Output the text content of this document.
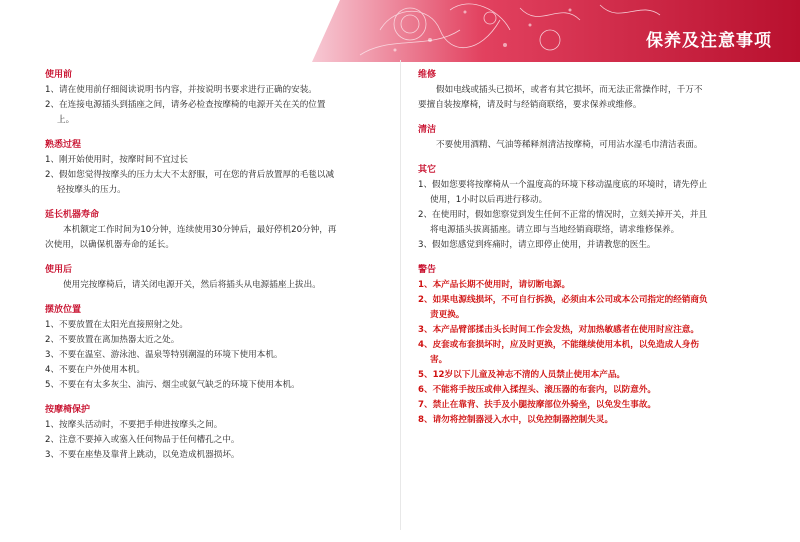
保养及注意事项
使用前
1、请在使用前仔细阅读说明书内容，并按说明书要求进行正确的安装。
2、在连接电源插头到插座之间，请务必检查按摩椅的电源开关在关的位置
上。
熟悉过程
1、刚开始使用时，按摩时间不宜过长
2、假如您觉得按摩头的压力太大不太舒服，可在您的背后放置厚的毛毯以减
轻按摩头的压力。
延长机器寿命
本机额定工作时间为10分钟，连续使用30分钟后，最好停机20分钟，再
次使用，以确保机器寿命的延长。
使用后
使用完按摩椅后，请关闭电源开关，然后将插头从电源插座上拔出。
摆放位置
1、不要放置在太阳光直接照射之处。
2、不要放置在离加热器太近之处。
3、不要在温室、游泳池、温泉等特别潮湿的环境下使用本机。
4、不要在户外使用本机。
5、不要在有太多灰尘、油污、烟尘或氨气缺乏的环境下使用本机。
按摩椅保护
1、按摩头活动时，不要把手伸进按摩头之间。
2、注意不要掉入或塞入任何物品于任何槽孔之中。
3、不要在座垫及靠背上跳动，以免造成机器损坏。
维修
假如电线或插头已损坏，或者有其它损坏，而无法正常操作时，千万不
要擅自装按摩椅，请及时与经销商联络，要求保养或维修。
清洁
不要使用酒精、气油等稀释剂清洁按摩椅，可用沾水湿毛巾清洁表面。
其它
1、假如您要将按摩椅从一个温度高的环境下移动温度底的环境时，请先停止
使用，1小时以后再进行移动。
2、在使用时，假如您察觉到发生任何不正常的情况时，立刻关掉开关，并且
将电源插头拔离插座。请立即与当地经销商联络，请求维修保养。
3、假如您感觉到疼痛时，请立即停止使用，并请教您的医生。
警告
1、本产品长期不使用时，请切断电源。
2、如果电源线损坏，不可自行拆换，必须由本公司或本公司指定的经销商负
责更换。
3、本产品臂部揉击头长时间工作会发热，对加热敏感者在使用时应注意。
4、皮套或布套损坏时，应及时更换，不能继续使用本机，以免造成人身伤
害。
5、12岁以下儿童及神志不清的人员禁止使用本产品。
6、不能将手按压或伸入揉捏头、滚压器的布套内，以防意外。
7、禁止在靠背、扶手及小腿按摩部位外骑坐，以免发生事故。
8、请勿将控制器浸入水中，以免控制器控制失灵。
